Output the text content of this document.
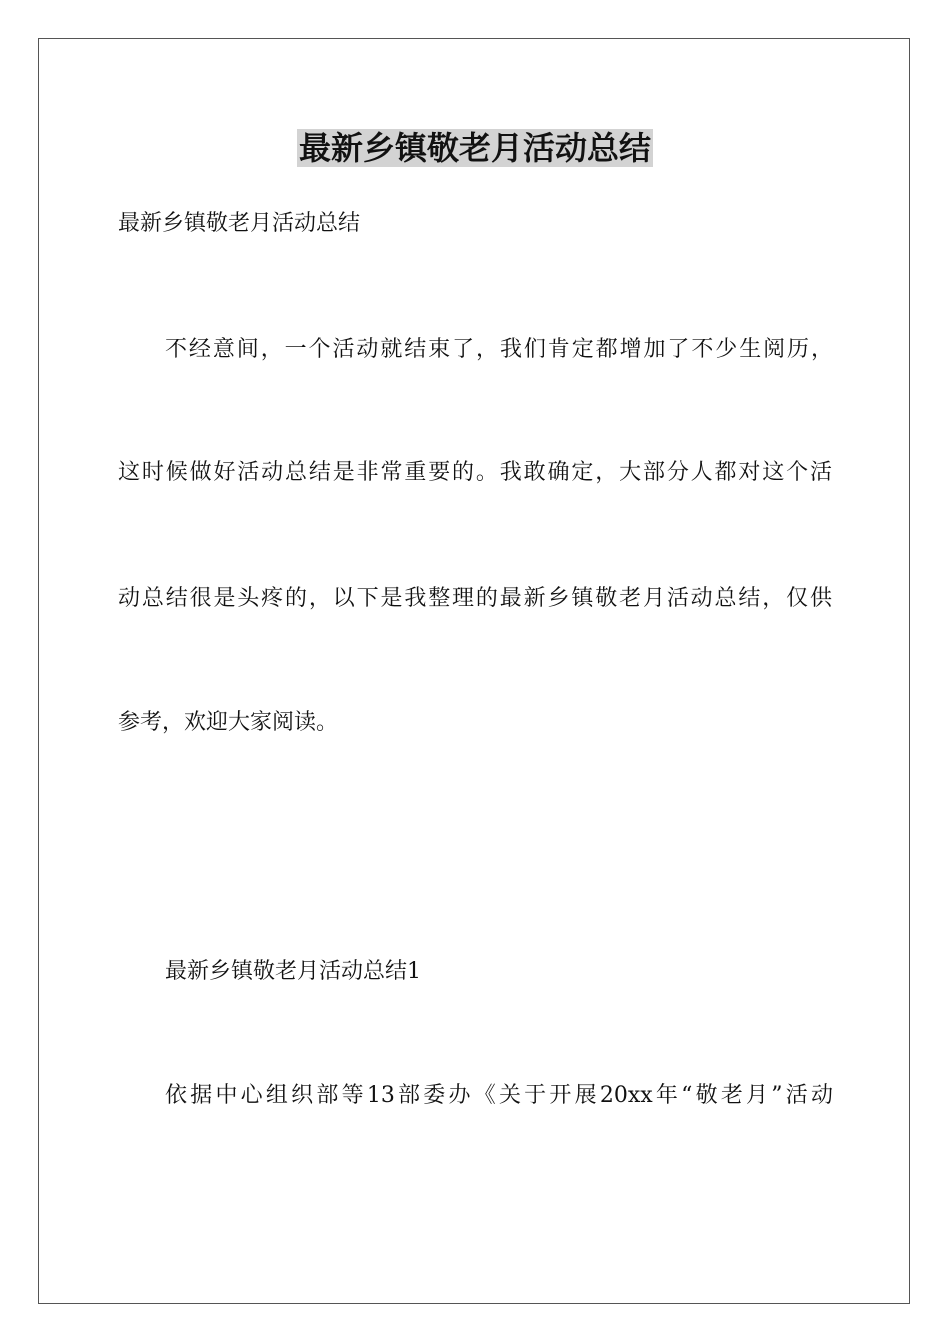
最新乡镇敬老月活动总结

最新乡镇敬老月活动总结

不经意间，一个活动就结束了，我们肯定都增加了不少生阅历，

这时候做好活动总结是非常重要的。我敢确定，大部分人都对这个活

动总结很是头疼的，以下是我整理的最新乡镇敬老月活动总结，仅供

参考，欢迎大家阅读。

最新乡镇敬老月活动总结1

依据中心组织部等13部委办《关于开展20xx年“敬老月”活动
